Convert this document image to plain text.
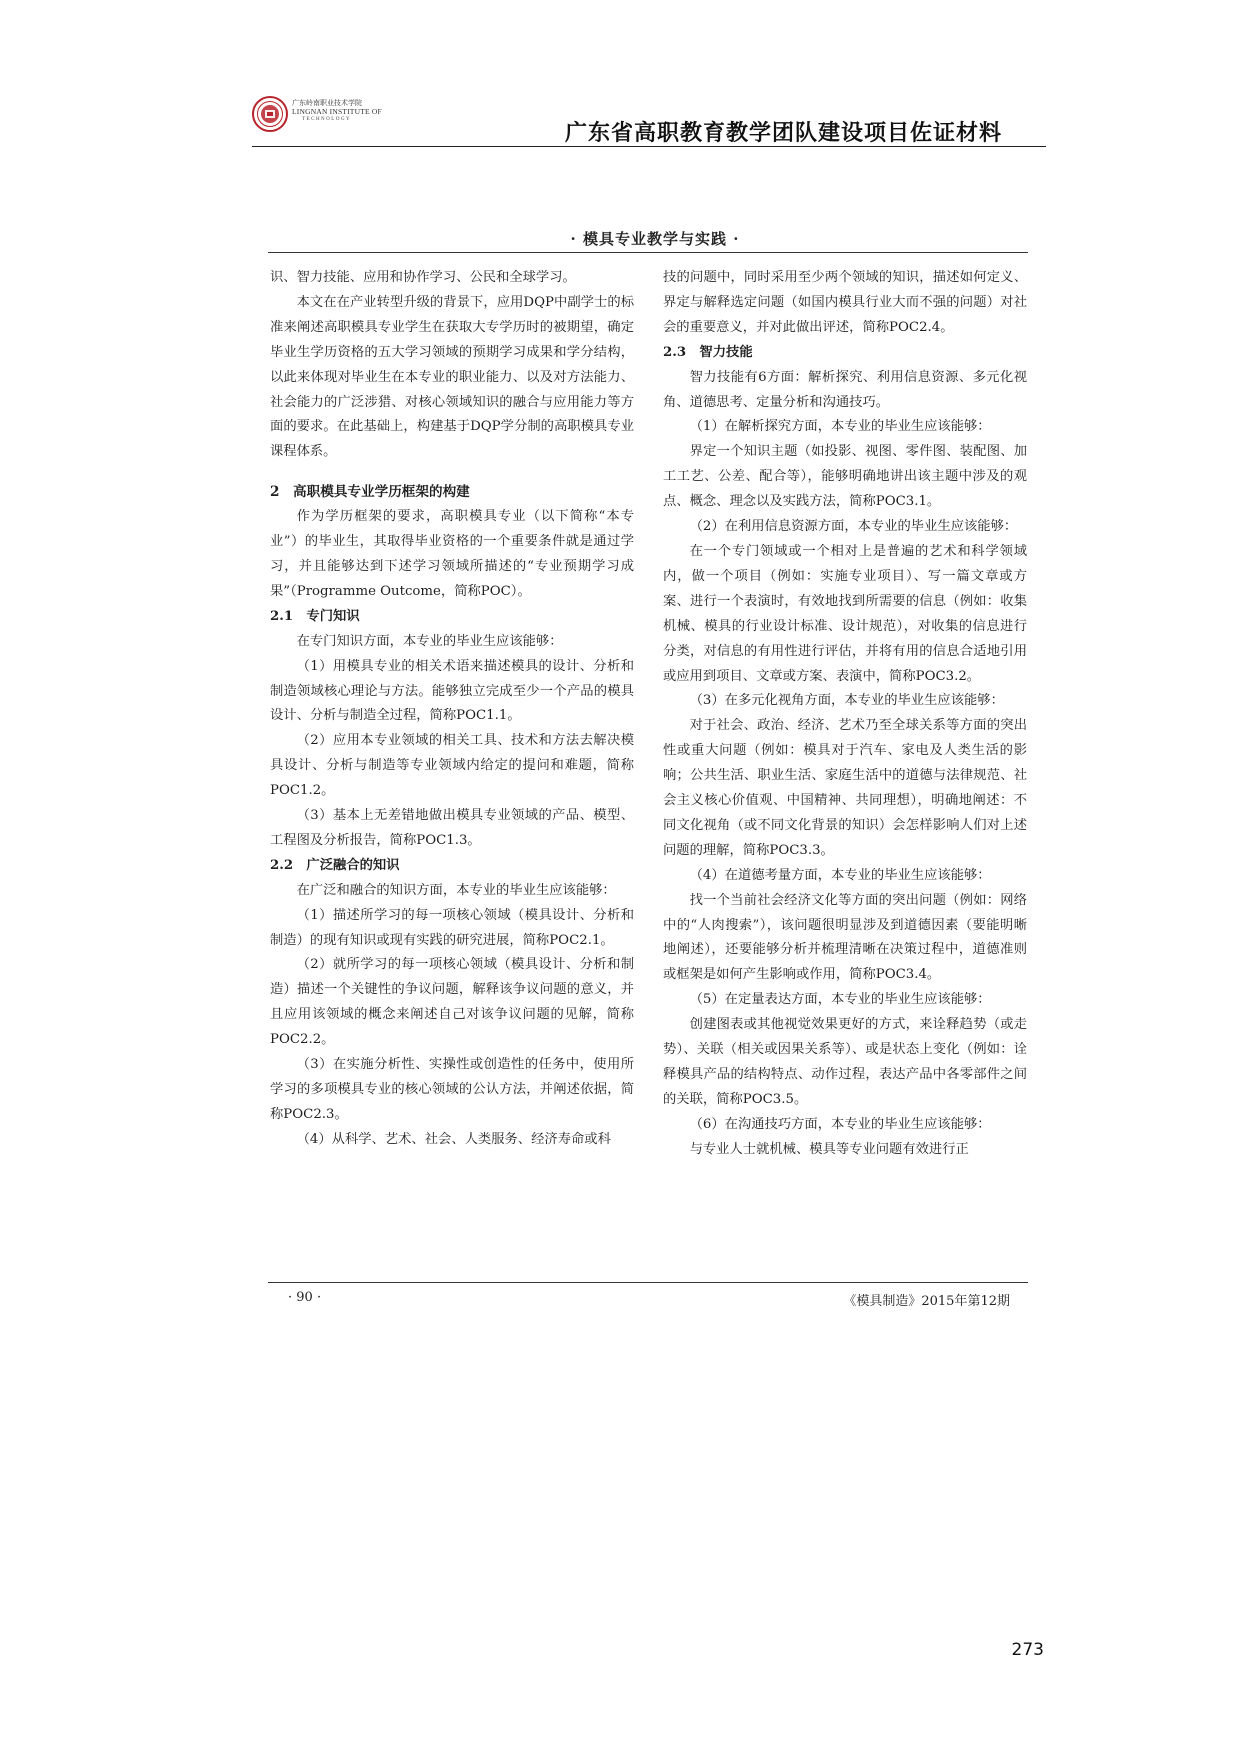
广东岭南职业技术学院
LINGNAN INSTITUTE OF
TECHNOLOGY
广东省高职教育教学团队建设项目佐证材料
· 模具专业教学与实践 ·

识、智力技能、应用和协作学习、公民和全球学习。

本文在在产业转型升级的背景下，应用DQP中副学士的标准来阐述高职模具专业学生在获取大专学历时的被期望，确定毕业生学历资格的五大学习领域的预期学习成果和学分结构，以此来体现对毕业生在本专业的职业能力、以及对方法能力、社会能力的广泛涉猎、对核心领域知识的融合与应用能力等方面的要求。在此基础上，构建基于DQP学分制的高职模具专业课程体系。

2　高职模具专业学历框架的构建

作为学历框架的要求，高职模具专业（以下简称“本专业”）的毕业生，其取得毕业资格的一个重要条件就是通过学习，并且能够达到下述学习领域所描述的“专业预期学习成果”（Programme Outcome，简称POC）。

2.1　专门知识

在专门知识方面，本专业的毕业生应该能够：

（1）用模具专业的相关术语来描述模具的设计、分析和制造领域核心理论与方法。能够独立完成至少一个产品的模具设计、分析与制造全过程，简称POC1.1。

（2）应用本专业领域的相关工具、技术和方法去解决模具设计、分析与制造等专业领域内给定的提问和难题，简称POC1.2。

（3）基本上无差错地做出模具专业领域的产品、模型、工程图及分析报告，简称POC1.3。

2.2　广泛融合的知识

在广泛和融合的知识方面，本专业的毕业生应该能够：

（1）描述所学习的每一项核心领域（模具设计、分析和制造）的现有知识或现有实践的研究进展，简称POC2.1。

（2）就所学习的每一项核心领域（模具设计、分析和制造）描述一个关键性的争议问题，解释该争议问题的意义，并且应用该领域的概念来阐述自己对该争议问题的见解，简称POC2.2。

（3）在实施分析性、实操性或创造性的任务中，使用所学习的多项模具专业的核心领域的公认方法，并阐述依据，简称POC2.3。

（4）从科学、艺术、社会、人类服务、经济寿命或科

技的问题中，同时采用至少两个领域的知识，描述如何定义、界定与解释选定问题（如国内模具行业大而不强的问题）对社会的重要意义，并对此做出评述，简称POC2.4。

2.3　智力技能

智力技能有6方面：解析探究、利用信息资源、多元化视角、道德思考、定量分析和沟通技巧。

（1）在解析探究方面，本专业的毕业生应该能够：

界定一个知识主题（如投影、视图、零件图、装配图、加工工艺、公差、配合等），能够明确地讲出该主题中涉及的观点、概念、理念以及实践方法，简称POC3.1。

（2）在利用信息资源方面，本专业的毕业生应该能够：

在一个专门领域或一个相对上是普遍的艺术和科学领域内，做一个项目（例如：实施专业项目）、写一篇文章或方案、进行一个表演时，有效地找到所需要的信息（例如：收集机械、模具的行业设计标准、设计规范），对收集的信息进行分类，对信息的有用性进行评估，并将有用的信息合适地引用或应用到项目、文章或方案、表演中，简称POC3.2。

（3）在多元化视角方面，本专业的毕业生应该能够：

对于社会、政治、经济、艺术乃至全球关系等方面的突出性或重大问题（例如：模具对于汽车、家电及人类生活的影响；公共生活、职业生活、家庭生活中的道德与法律规范、社会主义核心价值观、中国精神、共同理想），明确地阐述：不同文化视角（或不同文化背景的知识）会怎样影响人们对上述问题的理解，简称POC3.3。

（4）在道德考量方面，本专业的毕业生应该能够：

找一个当前社会经济文化等方面的突出问题（例如：网络中的“人肉搜索”），该问题很明显涉及到道德因素（要能明晰地阐述），还要能够分析并梳理清晰在决策过程中，道德准则或框架是如何产生影响或作用，简称POC3.4。

（5）在定量表达方面，本专业的毕业生应该能够：

创建图表或其他视觉效果更好的方式，来诠释趋势（或走势）、关联（相关或因果关系等）、或是状态上变化（例如：诠释模具产品的结构特点、动作过程，表达产品中各零部件之间的关联，简称POC3.5。

（6）在沟通技巧方面，本专业的毕业生应该能够：

与专业人士就机械、模具等专业问题有效进行正

· 90 ·	《模具制造》2015年第12期
273
